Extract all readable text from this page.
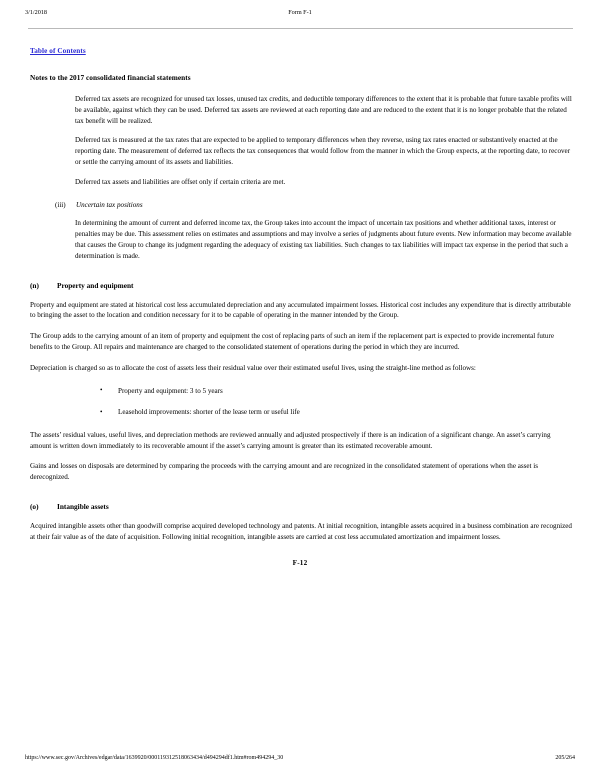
3/1/2018	Form F-1
Table of Contents
Notes to the 2017 consolidated financial statements

Deferred tax assets are recognized for unused tax losses, unused tax credits, and deductible temporary differences to the extent that it is probable that future taxable profits will be available, against which they can be used. Deferred tax assets are reviewed at each reporting date and are reduced to the extent that it is no longer probable that the related tax benefit will be realized.

Deferred tax is measured at the tax rates that are expected to be applied to temporary differences when they reverse, using tax rates enacted or substantively enacted at the reporting date. The measurement of deferred tax reflects the tax consequences that would follow from the manner in which the Group expects, at the reporting date, to recover or settle the carrying amount of its assets and liabilities.

Deferred tax assets and liabilities are offset only if certain criteria are met.

(iii) Uncertain tax positions
In determining the amount of current and deferred income tax, the Group takes into account the impact of uncertain tax positions and whether additional taxes, interest or penalties may be due. This assessment relies on estimates and assumptions and may involve a series of judgments about future events. New information may become available that causes the Group to change its judgment regarding the adequacy of existing tax liabilities. Such changes to tax liabilities will impact tax expense in the period that such a determination is made.
(n) Property and equipment

Property and equipment are stated at historical cost less accumulated depreciation and any accumulated impairment losses. Historical cost includes any expenditure that is directly attributable to bringing the asset to the location and condition necessary for it to be capable of operating in the manner intended by the Group.

The Group adds to the carrying amount of an item of property and equipment the cost of replacing parts of such an item if the replacement part is expected to provide incremental future benefits to the Group. All repairs and maintenance are charged to the consolidated statement of operations during the period in which they are incurred.

Depreciation is charged so as to allocate the cost of assets less their residual value over their estimated useful lives, using the straight-line method as follows:

• Property and equipment: 3 to 5 years
• Leasehold improvements: shorter of the lease term or useful life

The assets’ residual values, useful lives, and depreciation methods are reviewed annually and adjusted prospectively if there is an indication of a significant change. An asset’s carrying amount is written down immediately to its recoverable amount if the asset’s carrying amount is greater than its estimated recoverable amount.

Gains and losses on disposals are determined by comparing the proceeds with the carrying amount and are recognized in the consolidated statement of operations when the asset is derecognized.

(o)	Intangible assets

Acquired intangible assets other than goodwill comprise acquired developed technology and patents. At initial recognition, intangible assets acquired in a business combination are recognized at their fair value as of the date of acquisition. Following initial recognition, intangible assets are carried at cost less accumulated amortization and impairment losses.

F-12
https://www.sec.gov/Archives/edgar/data/1639920/000119312518063434/d494294df1.htm#rom494294_30	205/264
